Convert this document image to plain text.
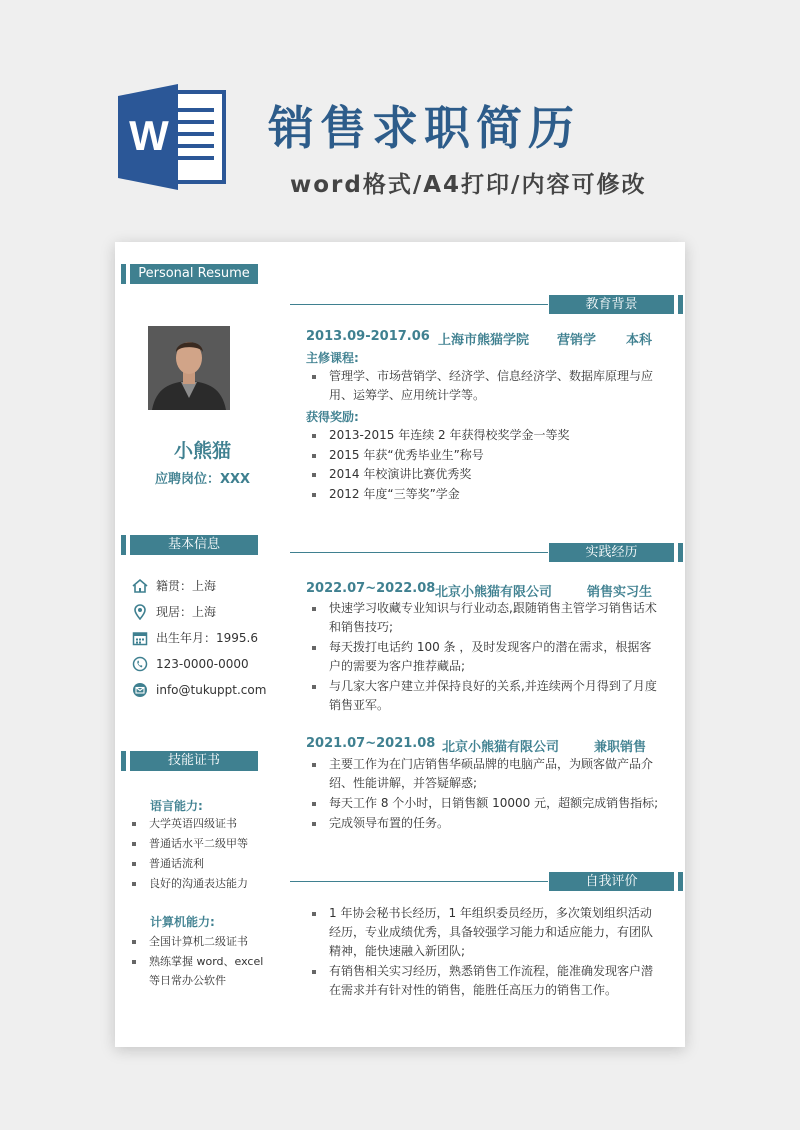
W 销售求职简历
word格式/A4打印/内容可修改
Personal Resume
小熊猫
应聘岗位：XXX
基本信息
籍贯：上海
现居：上海
出生年月：1995.6
123-0000-0000
info@tukuppt.com
技能证书
语言能力:
大学英语四级证书
普通话水平二级甲等
普通话流利
良好的沟通表达能力
计算机能力:
全国计算机二级证书
熟练掌握 word、excel
等日常办公软件
教育背景
2013.09-2017.06 上海市熊猫学院 营销学 本科
主修课程:
管理学、市场营销学、经济学、信息经济学、数据库原理与应用、运筹学、应用统计学等。
获得奖励:
2013-2015 年连续 2 年获得校奖学金一等奖
2015 年获“优秀毕业生”称号
2014 年校演讲比赛优秀奖
2012 年度“三等奖”学金
实践经历
2022.07~2022.08 北京小熊猫有限公司	销售实习生
快速学习收藏专业知识与行业动态,跟随销售主管学习销售话术和销售技巧;
每天拨打电话约 100 条 ，及时发现客户的潜在需求，根据客户的需要为客户推荐藏品;
与几家大客户建立并保持良好的关系,并连续两个月得到了月度销售亚军。
2021.07~2021.08 北京小熊猫有限公司	兼职销售
主要工作为在门店销售华硕品牌的电脑产品，为顾客做产品介绍、性能讲解，并答疑解惑;
每天工作 8 个小时，日销售额 10000 元，超额完成销售指标;
完成领导布置的任务。
自我评价
1 年协会秘书长经历，1 年组织委员经历，多次策划组织活动经历，专业成绩优秀，具备较强学习能力和适应能力，有团队精神，能快速融入新团队;
有销售相关实习经历，熟悉销售工作流程，能准确发现客户潜在需求并有针对性的销售，能胜任高压力的销售工作。
